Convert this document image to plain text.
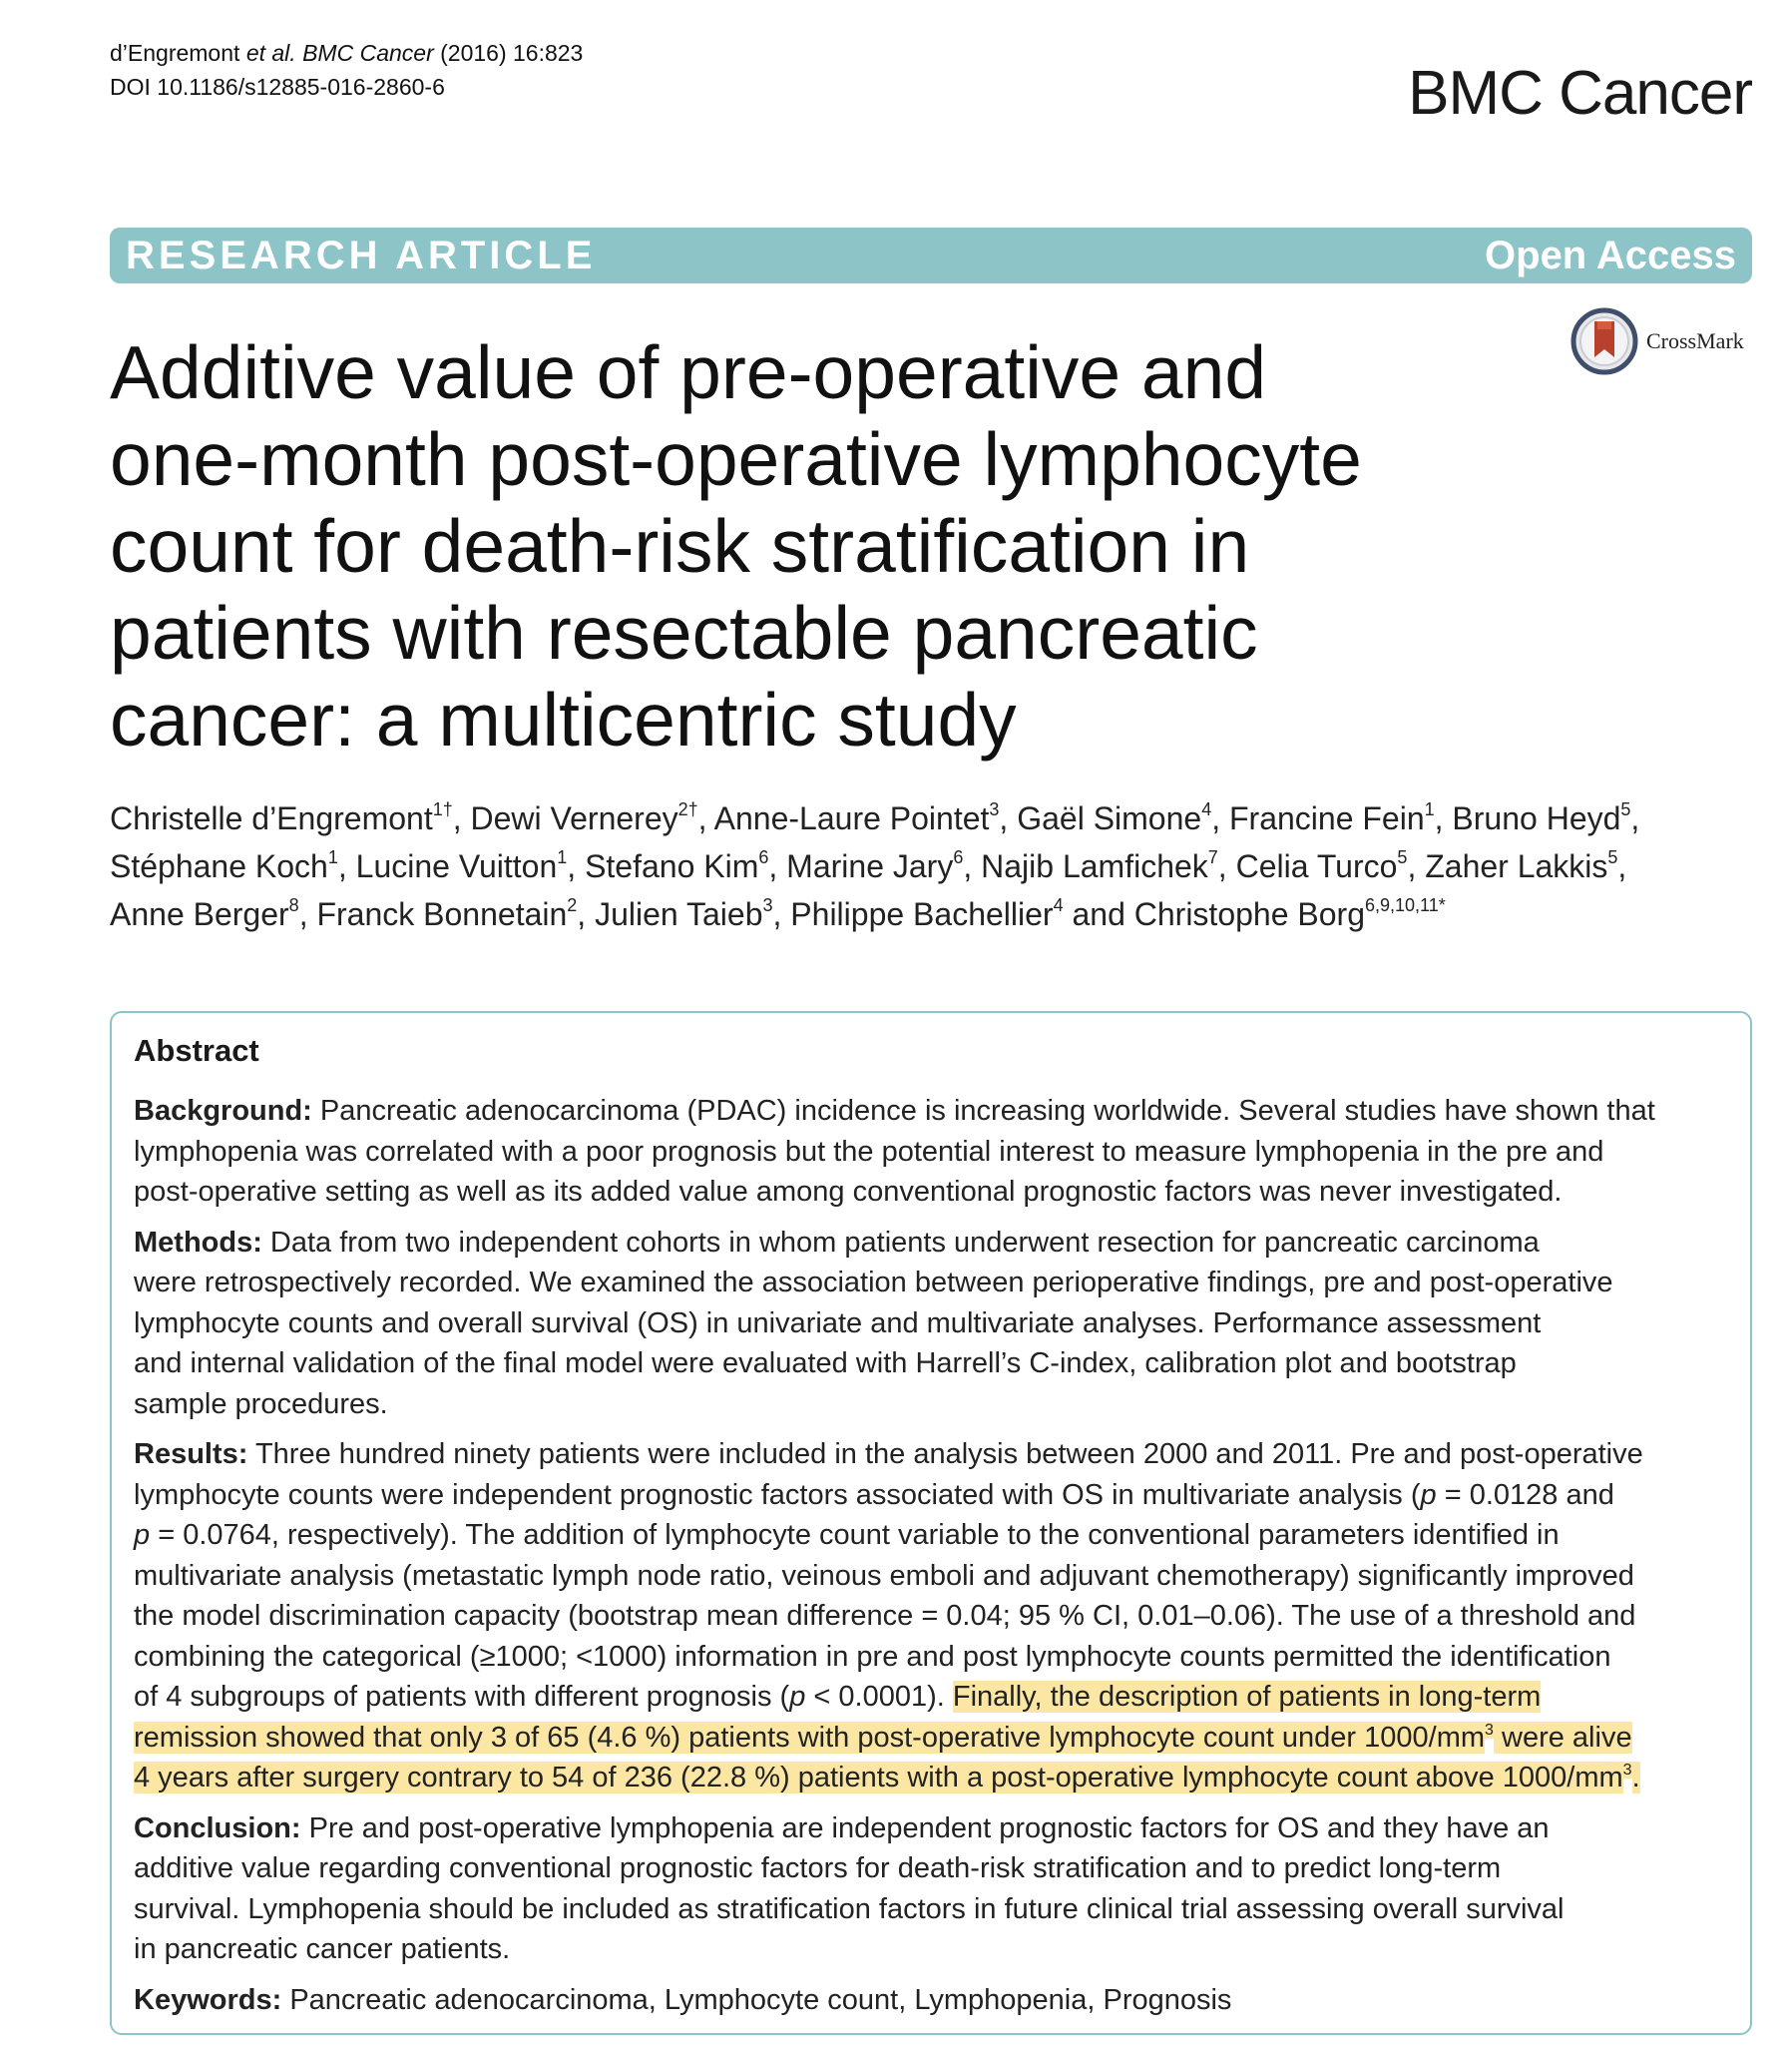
d’Engremont et al. BMC Cancer (2016) 16:823
DOI 10.1186/s12885-016-2860-6	BMC Cancer
RESEARCH ARTICLE	Open Access
CrossMark
Additive value of pre-operative and
one-month post-operative lymphocyte
count for death-risk stratification in
patients with resectable pancreatic
cancer: a multicentric study
Christelle d’Engremont$^{1\dagger}$, Dewi Vernerey$^{2\dagger}$, Anne-Laure Pointet$^3$, Gaël Simone$^4$, Francine Fein$^1$, Bruno Heyd$^5$,
Stéphane Koch$^1$, Lucine Vuitton$^1$, Stefano Kim$^6$, Marine Jary$^6$, Najib Lamfichek$^7$, Celia Turco$^5$, Zaher Lakkis$^5$,
Anne Berger$^8$, Franck Bonnetain$^2$, Julien Taieb$^3$, Philippe Bachellier$^4$ and Christophe Borg$^{6,9,10,11*}$
Abstract
Background: Pancreatic adenocarcinoma (PDAC) incidence is increasing worldwide. Several studies have shown that
lymphopenia was correlated with a poor prognosis but the potential interest to measure lymphopenia in the pre and
post-operative setting as well as its added value among conventional prognostic factors was never investigated.
Methods: Data from two independent cohorts in whom patients underwent resection for pancreatic carcinoma
were retrospectively recorded. We examined the association between perioperative findings, pre and post-operative
lymphocyte counts and overall survival (OS) in univariate and multivariate analyses. Performance assessment
and internal validation of the final model were evaluated with Harrell’s C-index, calibration plot and bootstrap
sample procedures.
Results: Three hundred ninety patients were included in the analysis between 2000 and 2011. Pre and post-operative
lymphocyte counts were independent prognostic factors associated with OS in multivariate analysis (p = 0.0128 and
p = 0.0764, respectively). The addition of lymphocyte count variable to the conventional parameters identified in
multivariate analysis (metastatic lymph node ratio, veinous emboli and adjuvant chemotherapy) significantly improved
the model discrimination capacity (bootstrap mean difference = 0.04; 95 % CI, 0.01–0.06). The use of a threshold and
combining the categorical (≥1000; <1000) information in pre and post lymphocyte counts permitted the identification
of 4 subgroups of patients with different prognosis (p < 0.0001). Finally, the description of patients in long-term
remission showed that only 3 of 65 (4.6 %) patients with post-operative lymphocyte count under $1000/mm^3$ were alive
4 years after surgery contrary to 54 of 236 (22.8 %) patients with a post-operative lymphocyte count above $1000/mm^3$.
Conclusion: Pre and post-operative lymphopenia are independent prognostic factors for OS and they have an
additive value regarding conventional prognostic factors for death-risk stratification and to predict long-term
survival. Lymphopenia should be included as stratification factors in future clinical trial assessing overall survival
in pancreatic cancer patients.
Keywords: Pancreatic adenocarcinoma, Lymphocyte count, Lymphopenia, Prognosis
